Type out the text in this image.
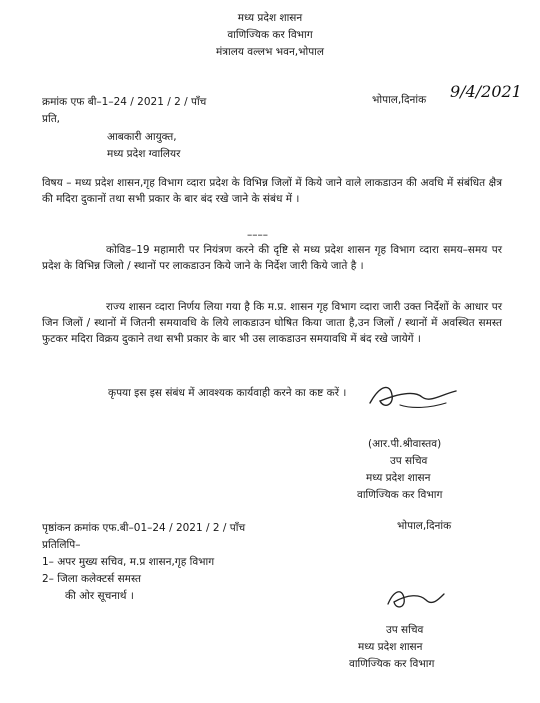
मध्य प्रदेश शासन
वाणिज्यिक कर विभाग
मंत्रालय वल्लभ भवन,भोपाल
क्रमांक एफ बी–1–24 / 2021 / 2 / पाँच	भोपाल,दिनांक 9/4/2021
प्रति,
आबकारी आयुक्त,
मध्य प्रदेश ग्वालियर
विषय – मध्य प्रदेश शासन,गृह विभाग व्दारा प्रदेश के विभिन्न जिलों में किये जाने वाले लाकडाउन की अवधि में संबंधित क्षैत्र की मदिरा दुकानों तथा सभी प्रकार के बार बंद रखे जाने के संबंध में ।
––––
कोविड–19 महामारी पर नियंत्रण करने की दृष्टि से मध्य प्रदेश शासन गृह विभाग व्दारा समय–समय पर प्रदेश के विभिन्न जिलो / स्थानों पर लाकडाउन किये जाने के निर्देश जारी किये जाते है ।
राज्य शासन व्दारा निर्णय लिया गया है कि म.प्र. शासन गृह विभाग व्दारा जारी उक्त निर्देशों के आधार पर जिन जिलों / स्थानों में जितनी समयावधि के लिये लाकडाउन घोषित किया जाता है,उन जिलों / स्थानों में अवस्थित समस्त फुटकर मदिरा विक्रय दुकाने तथा सभी प्रकार के बार भी उस लाकडाउन समयावधि में बंद रखे जायेगें ।
कृपया इस इस संबंध में आवश्यक कार्यवाही करने का कष्ट करें ।
(आर.पी.श्रीवास्तव)
उप सचिव
मध्य प्रदेश शासन
वाणिज्यिक कर विभाग
पृष्ठांकन क्रमांक एफ.बी–01–24 / 2021 / 2 / पाँच	भोपाल,दिनांक
प्रतिलिपि–
1– अपर मुख्य सचिव, म.प्र शासन,गृह विभाग
2– जिला कलेक्टर्स समस्त
की ओर सूचनार्थ ।
उप सचिव
मध्य प्रदेश शासन
वाणिज्यिक कर विभाग
